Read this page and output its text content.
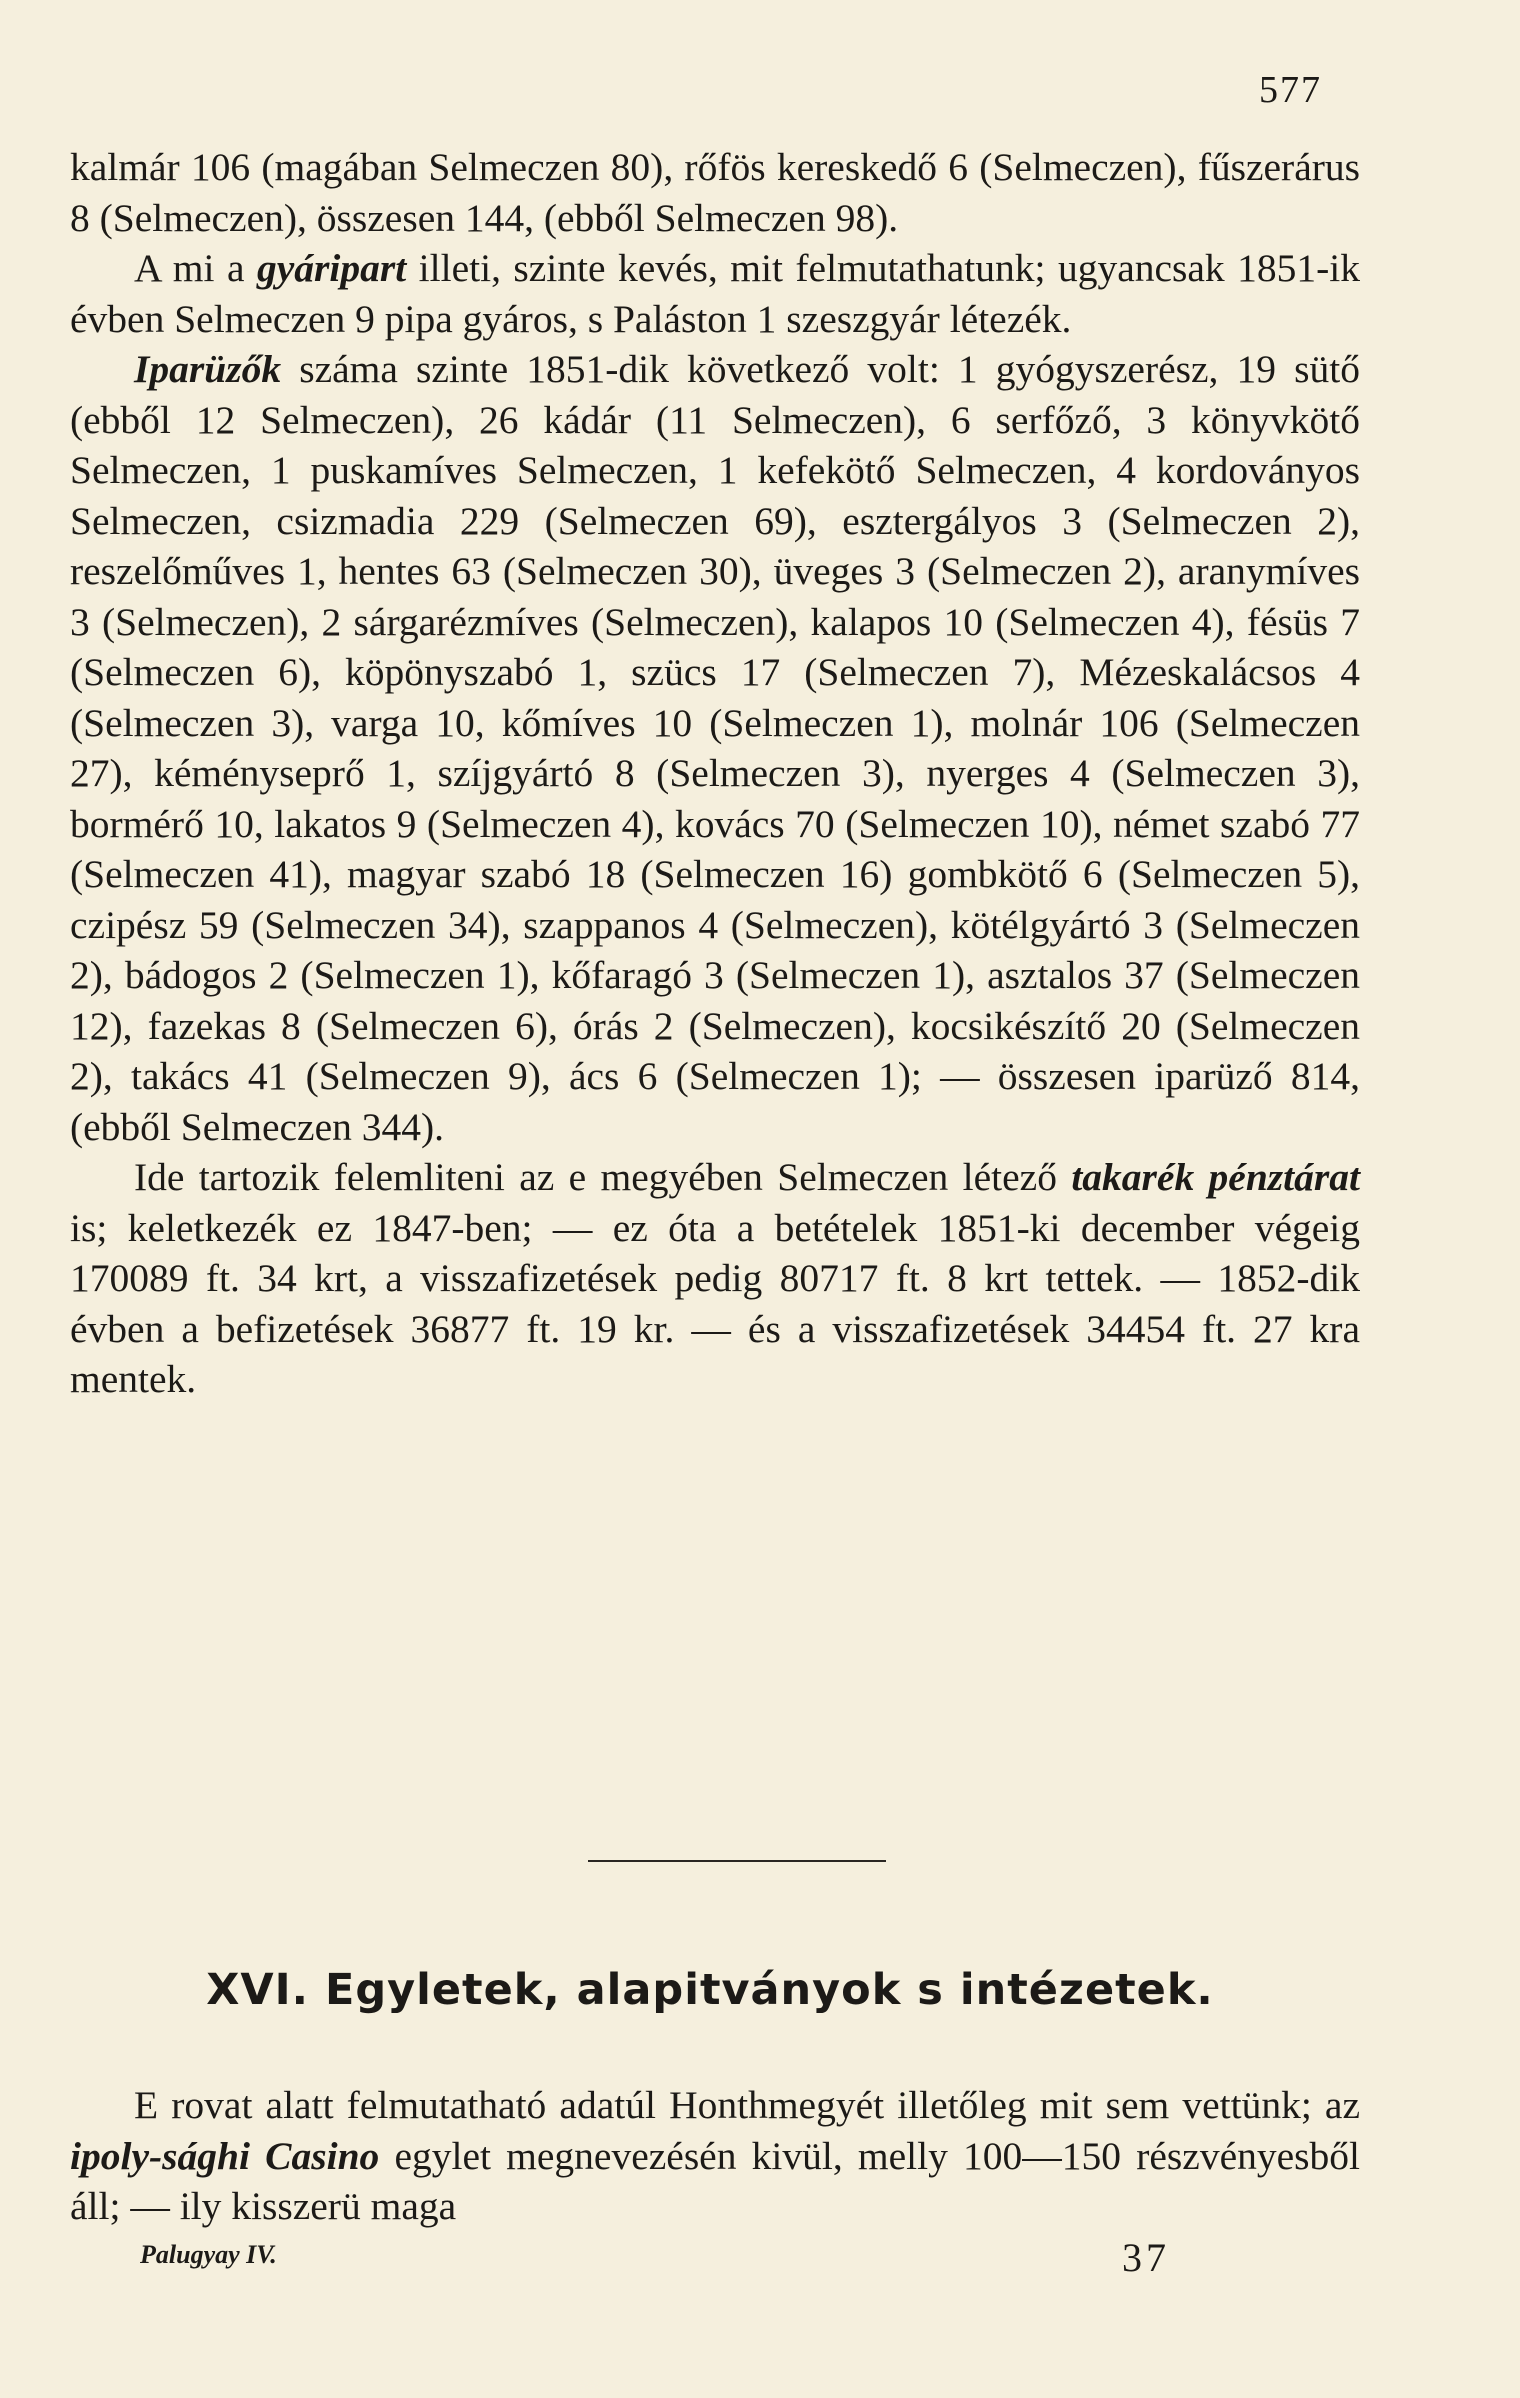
577

kalmár 106 (magában Selmeczen 80), rőfös kereskedő 6 (Selmeczen), fűszerárus 8 (Selmeczen), összesen 144, (ebből Selmeczen 98).

A mi a gyáripart illeti, szinte kevés, mit felmutathatunk; ugyancsak 1851-ik évben Selmeczen 9 pipa gyáros, s Paláston 1 szeszgyár létezék.

Iparüzők száma szinte 1851-dik következő volt: 1 gyógyszerész, 19 sütő (ebből 12 Selmeczen), 26 kádár (11 Selmeczen), 6 serfőző, 3 könyvkötő Selmeczen, 1 puskamíves Selmeczen, 1 kefekötő Selmeczen, 4 kordoványos Selmeczen, csizmadia 229 (Selmeczen 69), esztergályos 3 (Selmeczen 2), reszelőműves 1, hentes 63 (Selmeczen 30), üveges 3 (Selmeczen 2), aranymíves 3 (Selmeczen), 2 sárgarézmíves (Selmeczen), kalapos 10 (Selmeczen 4), fésüs 7 (Selmeczen 6), köpönyszabó 1, szücs 17 (Selmeczen 7), Mézeskalácsos 4 (Selmeczen 3), varga 10, kőmíves 10 (Selmeczen 1), molnár 106 (Selmeczen 27), kéményseprő 1, szíjgyártó 8 (Selmeczen 3), nyerges 4 (Selmeczen 3), bormérő 10, lakatos 9 (Selmeczen 4), kovács 70 (Selmeczen 10), német szabó 77 (Selmeczen 41), magyar szabó 18 (Selmeczen 16) gombkötő 6 (Selmeczen 5), czipész 59 (Selmeczen 34), szappanos 4 (Selmeczen), kötélgyártó 3 (Selmeczen 2), bádogos 2 (Selmeczen 1), kőfaragó 3 (Selmeczen 1), asztalos 37 (Selmeczen 12), fazekas 8 (Selmeczen 6), órás 2 (Selmeczen), kocsikészítő 20 (Selmeczen 2), takács 41 (Selmeczen 9), ács 6 (Selmeczen 1); — összesen iparüző 814, (ebből Selmeczen 344).

Ide tartozik felemliteni az e megyében Selmeczen létező takarék pénztárat is; keletkezék ez 1847-ben; — ez óta a betételek 1851-ki december végeig 170089 ft. 34 krt, a visszafizetések pedig 80717 ft. 8 krt tettek. — 1852-dik évben a befizetések 36877 ft. 19 kr. — és a visszafizetések 34454 ft. 27 kra mentek.

XVI. Egyletek, alapitványok s intézetek.

E rovat alatt felmutatható adatúl Honthmegyét illetőleg mit sem vettünk; az ipoly-sághi Casino egylet megnevezésén kivül, melly 100—150 részvényesből áll; — ily kisszerü maga

Palugyay IV.	37
